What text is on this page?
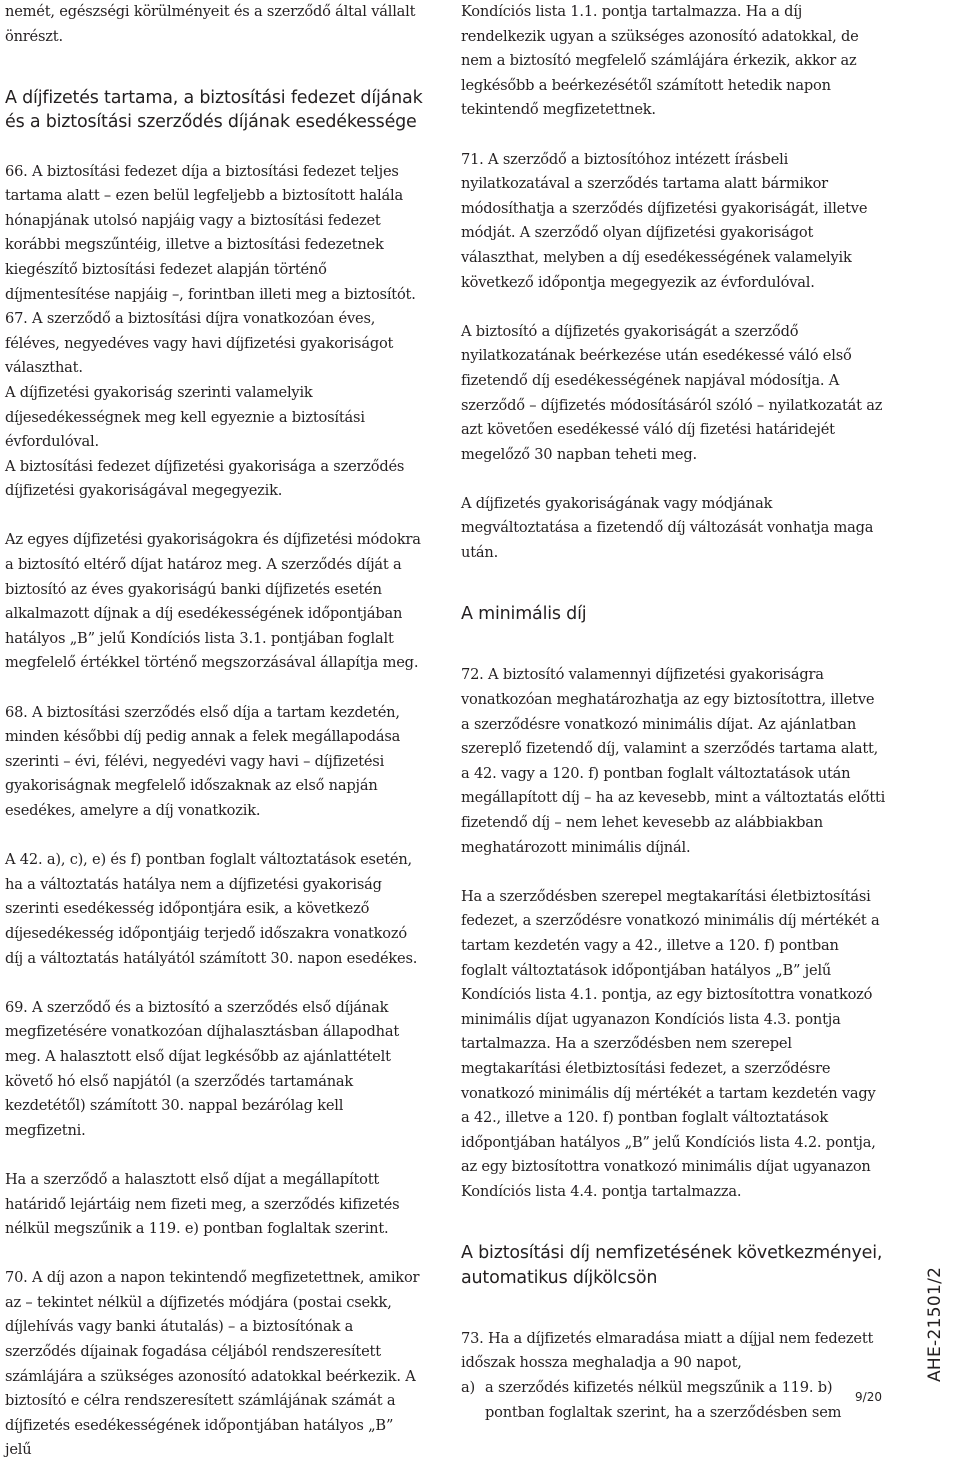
nemét, egészségi körülményeit és a szerződő által vállalt önrészt.

A díjfizetés tartama, a biztosítási fedezet díjának és a biztosítási szerződés díjának esedékessége

66. A biztosítási fedezet díja a biztosítási fedezet teljes tartama alatt – ezen belül legfeljebb a biztosított halála hónapjának utolsó napjáig vagy a biztosítási fedezet korábbi megszűntéig, illetve a biztosítási fedezetnek kiegészítő biztosítási fedezet alapján történő díjmentesítése napjáig –, forintban illeti meg a biztosítót.

67. A szerződő a biztosítási díjra vonatkozóan éves, féléves, negyedéves vagy havi díjfizetési gyakoriságot választhat.

A díjfizetési gyakoriság szerinti valamelyik díjesedékességnek meg kell egyeznie a biztosítási évfordulóval.

A biztosítási fedezet díjfizetési gyakorisága a szerződés díjfizetési gyakoriságával megegyezik.

Az egyes díjfizetési gyakoriságokra és díjfizetési módokra a biztosító eltérő díjat határoz meg. A szerződés díját a biztosító az éves gyakoriságú banki díjfizetés esetén alkalmazott díjnak a díj esedékességének időpontjában hatályos „B” jelű Kondíciós lista 3.1. pontjában foglalt megfelelő értékkel történő megszorzásával állapítja meg.

68. A biztosítási szerződés első díja a tartam kezdetén, minden későbbi díj pedig annak a felek megállapodása szerinti – évi, félévi, negyedévi vagy havi – díjfizetési gyakoriságnak megfelelő időszaknak az első napján esedékes, amelyre a díj vonatkozik.

A 42. a), c), e) és f) pontban foglalt változtatások esetén, ha a változtatás hatálya nem a díjfizetési gyakoriság szerinti esedékesség időpontjára esik, a következő díjesedékesség időpontjáig terjedő időszakra vonatkozó díj a változtatás hatályától számított 30. napon esedékes.

69. A szerződő és a biztosító a szerződés első díjának megfizetésére vonatkozóan díjhalasztásban állapodhat meg. A halasztott első díjat legkésőbb az ajánlattételt követő hó első napjától (a szerződés tartamának kezdetétől) számított 30. nappal bezárólag kell megfizetni.

Ha a szerződő a halasztott első díjat a megállapított határidő lejártáig nem fizeti meg, a szerződés kifizetés nélkül megszűnik a 119. e) pontban foglaltak szerint.

70. A díj azon a napon tekintendő megfizetettnek, amikor az – tekintet nélkül a díjfizetés módjára (postai csekk, díjlehívás vagy banki átutalás) – a biztosítónak a szerződés díjainak fogadása céljából rendszeresített számlájára a szükséges azonosító adatokkal beérkezik. A biztosító e célra rendszeresített számlájának számát a díjfizetés esedékességének időpontjában hatályos „B” jelű

Kondíciós lista 1.1. pontja tartalmazza. Ha a díj rendelkezik ugyan a szükséges azonosító adatokkal, de nem a biztosító megfelelő számlájára érkezik, akkor az legkésőbb a beérkezésétől számított hetedik napon tekintendő megfizetettnek.

71. A szerződő a biztosítóhoz intézett írásbeli nyilatkozatával a szerződés tartama alatt bármikor módosíthatja a szerződés díjfizetési gyakoriságát, illetve módját. A szerződő olyan díjfizetési gyakoriságot választhat, melyben a díj esedékességének valamelyik következő időpontja megegyezik az évfordulóval.

A biztosító a díjfizetés gyakoriságát a szerződő nyilatkozatának beérkezése után esedékessé váló első fizetendő díj esedékességének napjával módosítja. A szerződő – díjfizetés módosításáról szóló – nyilatkozatát az azt követően esedékessé váló díj fizetési határidejét megelőző 30 napban teheti meg.

A díjfizetés gyakoriságának vagy módjának megváltoztatása a fizetendő díj változását vonhatja maga után.

A minimális díj

72. A biztosító valamennyi díjfizetési gyakoriságra vonatkozóan meghatározhatja az egy biztosítottra, illetve a szerződésre vonatkozó minimális díjat. Az ajánlatban szereplő fizetendő díj, valamint a szerződés tartama alatt, a 42. vagy a 120. f) pontban foglalt változtatások után megállapított díj – ha az kevesebb, mint a változtatás előtti fizetendő díj – nem lehet kevesebb az alábbiakban meghatározott minimális díjnál.

Ha a szerződésben szerepel megtakarítási életbiztosítási fedezet, a szerződésre vonatkozó minimális díj mértékét a tartam kezdetén vagy a 42., illetve a 120. f) pontban foglalt változtatások időpontjában hatályos „B” jelű Kondíciós lista 4.1. pontja, az egy biztosítottra vonatkozó minimális díjat ugyanazon Kondíciós lista 4.3. pontja tartalmazza. Ha a szerződésben nem szerepel megtakarítási életbiztosítási fedezet, a szerződésre vonatkozó minimális díj mértékét a tartam kezdetén vagy a 42., illetve a 120. f) pontban foglalt változtatások időpontjában hatályos „B” jelű Kondíciós lista 4.2. pontja, az egy biztosítottra vonatkozó minimális díjat ugyanazon Kondíciós lista 4.4. pontja tartalmazza.

A biztosítási díj nemfizetésének következményei, automatikus díjkölcsön

73. Ha a díjfizetés elmaradása miatt a díjjal nem fedezett időszak hossza meghaladja a 90 napot,

a) a szerződés kifizetés nélkül megszűnik a 119. b) pontban foglaltak szerint, ha a szerződésben sem
AHE-21501/2
9/20
